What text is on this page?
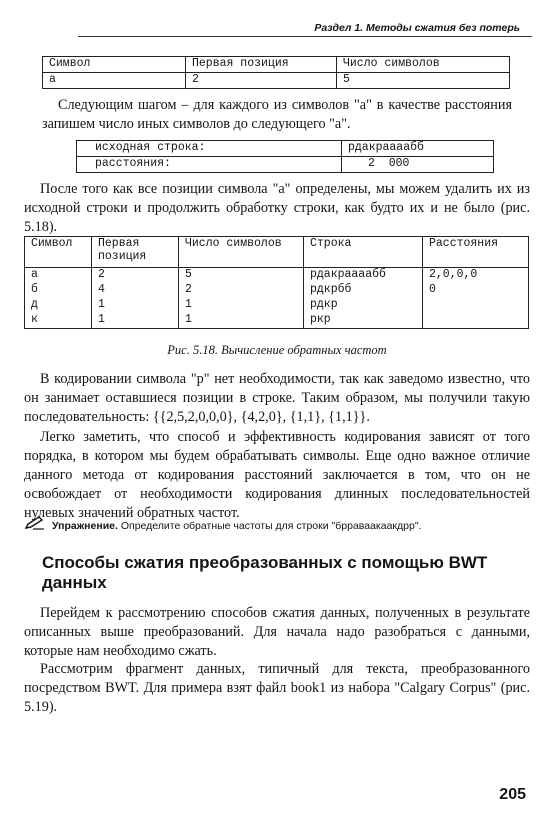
Раздел 1. Методы сжатия без потерь
Символ	Первая позиция	Число символов
а	2	5
Следующим шагом – для каждого из символов "а" в качестве расстояния запишем число иных символов до следующего "а".
исходная строка:	рдакраааабб
расстояния:	2  000
После того как все позиции символа "а" определены, мы можем удалить их из исходной строки и продолжить обработку строки, как будто их и не было (рис. 5.18).
Символ	Первая позиция	Число символов	Строка	Расстояния
а	2	5	рдакраааабб	2,0,0,0
б	4	2	рдкрбб	0
д	1	1	рдкр	
к	1	1	ркр	
Рис. 5.18. Вычисление обратных частот
В кодировании символа "р" нет необходимости, так как заведомо известно, что он занимает оставшиеся позиции в строке. Таким образом, мы получили такую последовательность: {{2,5,2,0,0,0}, {4,2,0}, {1,1}, {1,1}}.
Легко заметить, что способ и эффективность кодирования зависят от того порядка, в котором мы будем обрабатывать символы. Еще одно важное отличие данного метода от кодирования расстояний заключается в том, что он не освобождает от необходимости кодирования длинных последовательностей нулевых значений обратных частот.
Упражнение. Определите обратные частоты для строки "брраваакаакдрр".
Способы сжатия преобразованных с помощью BWT данных
Перейдем к рассмотрению способов сжатия данных, полученных в результате описанных выше преобразований. Для начала надо разобраться с данными, которые нам необходимо сжать.
Рассмотрим фрагмент данных, типичный для текста, преобразованного посредством BWT. Для примера взят файл book1 из набора "Calgary Corpus" (рис. 5.19).
205
